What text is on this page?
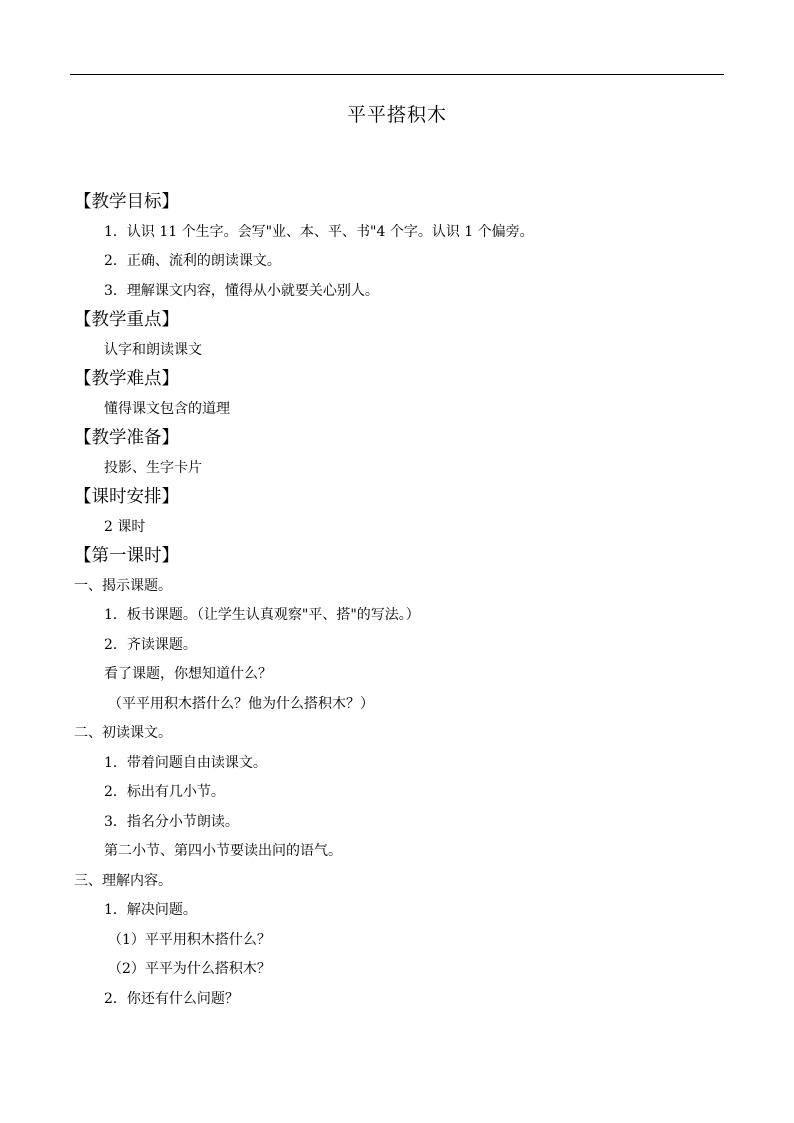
平平搭积木
【教学目标】
1．认识 11 个生字。会写"业、本、平、书"4 个字。认识 1 个偏旁。
2．正确、流利的朗读课文。
3．理解课文内容，懂得从小就要关心别人。
【教学重点】
认字和朗读课文
【教学难点】
懂得课文包含的道理
【教学准备】
投影、生字卡片
【课时安排】
2 课时
【第一课时】
一、揭示课题。
1．板书课题。（让学生认真观察"平、搭"的写法。）
2．齐读课题。
看了课题，你想知道什么？
（平平用积木搭什么？他为什么搭积木？）
二、初读课文。
1．带着问题自由读课文。
2．标出有几小节。
3．指名分小节朗读。
第二小节、第四小节要读出问的语气。
三、理解内容。
1．解决问题。
（1）平平用积木搭什么？
（2）平平为什么搭积木？
2．你还有什么问题？
